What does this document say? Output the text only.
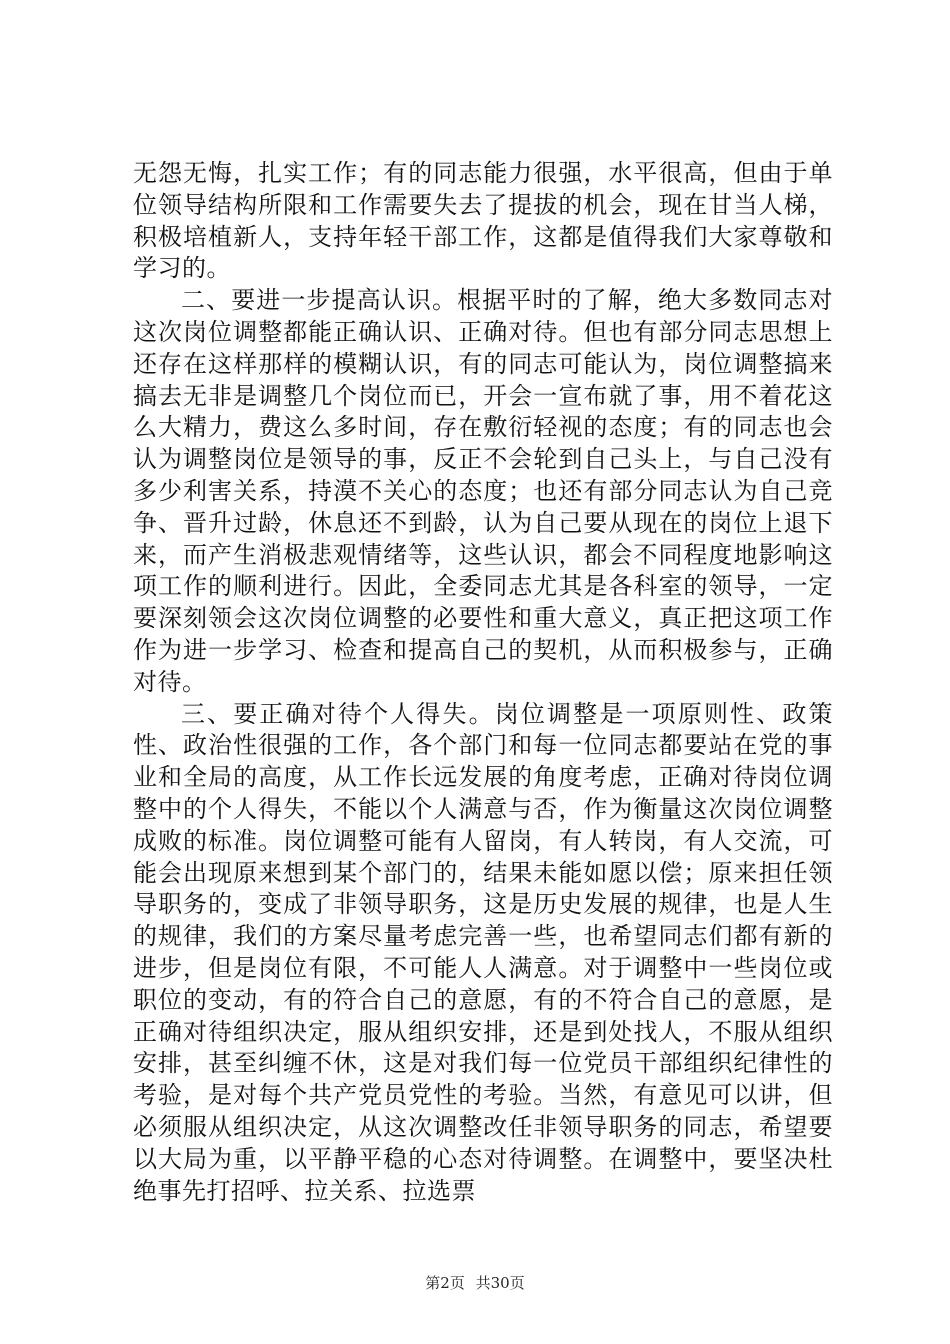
无怨无悔，扎实工作；有的同志能力很强，水平很高，但由于单位领导结构所限和工作需要失去了提拔的机会，现在甘当人梯，积极培植新人，支持年轻干部工作，这都是值得我们大家尊敬和学习的。

二、要进一步提高认识。根据平时的了解，绝大多数同志对这次岗位调整都能正确认识、正确对待。但也有部分同志思想上还存在这样那样的模糊认识，有的同志可能认为，岗位调整搞来搞去无非是调整几个岗位而已，开会一宣布就了事，用不着花这么大精力，费这么多时间，存在敷衍轻视的态度；有的同志也会认为调整岗位是领导的事，反正不会轮到自己头上，与自己没有多少利害关系，持漠不关心的态度；也还有部分同志认为自己竞争、晋升过龄，休息还不到龄，认为自己要从现在的岗位上退下来，而产生消极悲观情绪等，这些认识，都会不同程度地影响这项工作的顺利进行。因此，全委同志尤其是各科室的领导，一定要深刻领会这次岗位调整的必要性和重大意义，真正把这项工作作为进一步学习、检查和提高自己的契机，从而积极参与，正确对待。

三、要正确对待个人得失。岗位调整是一项原则性、政策性、政治性很强的工作，各个部门和每一位同志都要站在党的事业和全局的高度，从工作长远发展的角度考虑，正确对待岗位调整中的个人得失，不能以个人满意与否，作为衡量这次岗位调整成败的标准。岗位调整可能有人留岗，有人转岗，有人交流，可能会出现原来想到某个部门的，结果未能如愿以偿；原来担任领导职务的，变成了非领导职务，这是历史发展的规律，也是人生的规律，我们的方案尽量考虑完善一些，也希望同志们都有新的进步，但是岗位有限，不可能人人满意。对于调整中一些岗位或职位的变动，有的符合自己的意愿，有的不符合自己的意愿，是正确对待组织决定，服从组织安排，还是到处找人，不服从组织安排，甚至纠缠不休，这是对我们每一位党员干部组织纪律性的考验，是对每个共产党员党性的考验。当然，有意见可以讲，但必须服从组织决定，从这次调整改任非领导职务的同志，希望要以大局为重，以平静平稳的心态对待调整。在调整中，要坚决杜绝事先打招呼、拉关系、拉选票

第2页 共30页
